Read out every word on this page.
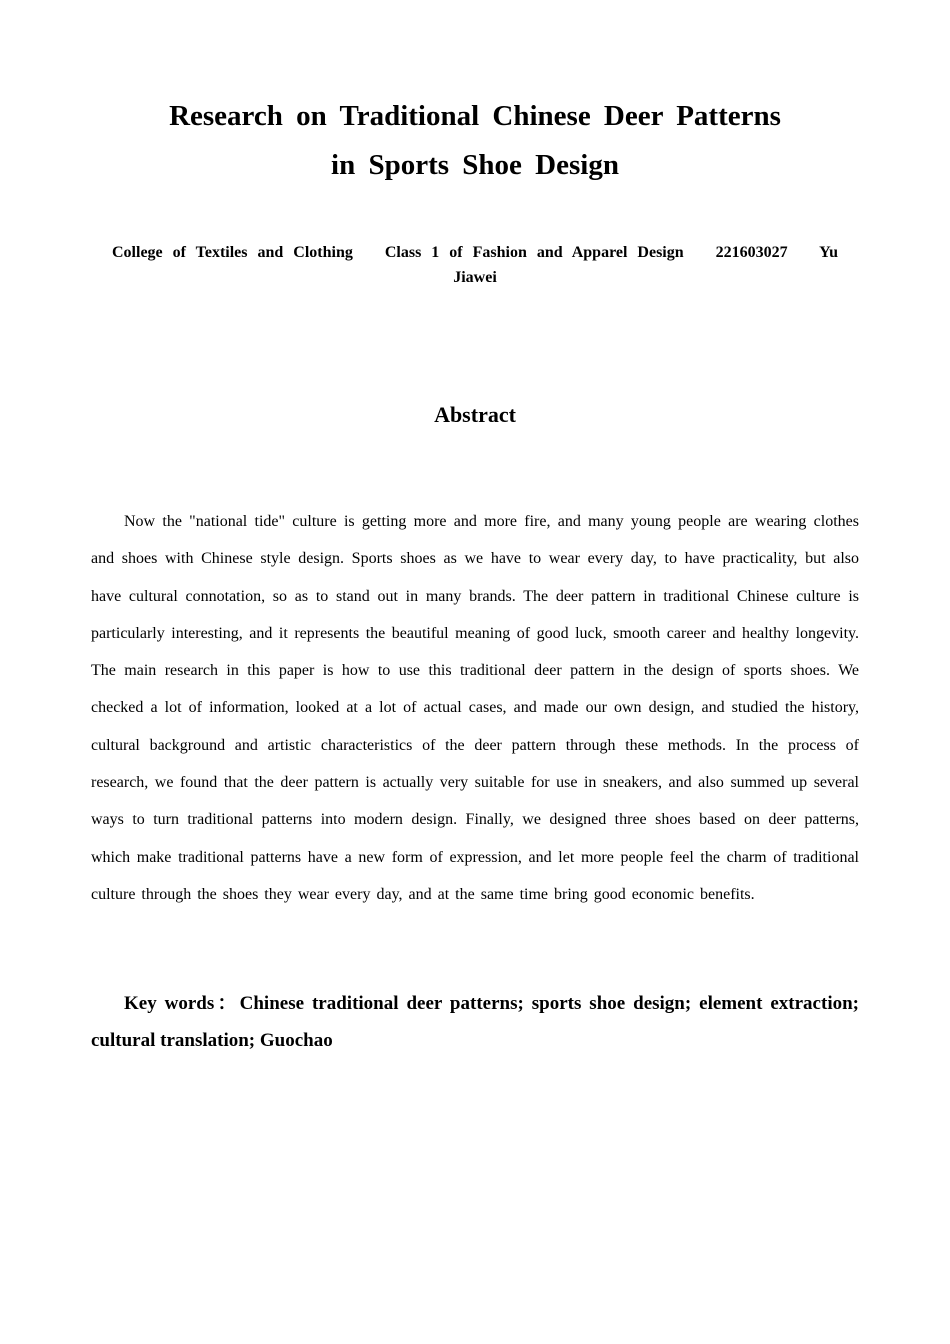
Research on Traditional Chinese Deer Patterns
in Sports Shoe Design
College of Textiles and Clothing Class 1 of Fashion and Apparel Design 221603027 Yu Jiawei
Abstract

Now the "national tide" culture is getting more and more fire, and many young people are wearing clothes and shoes with Chinese style design. Sports shoes as we have to wear every day, to have practicality, but also have cultural connotation, so as to stand out in many brands. The deer pattern in traditional Chinese culture is particularly interesting, and it represents the beautiful meaning of good luck, smooth career and healthy longevity. The main research in this paper is how to use this traditional deer pattern in the design of sports shoes. We checked a lot of information, looked at a lot of actual cases, and made our own design, and studied the history, cultural background and artistic characteristics of the deer pattern through these methods. In the process of research, we found that the deer pattern is actually very suitable for use in sneakers, and also summed up several ways to turn traditional patterns into modern design. Finally, we designed three shoes based on deer patterns, which make traditional patterns have a new form of expression, and let more people feel the charm of traditional culture through the shoes they wear every day, and at the same time bring good economic benefits.

Key words：Chinese traditional deer patterns; sports shoe design; element extraction; cultural translation; Guochao
